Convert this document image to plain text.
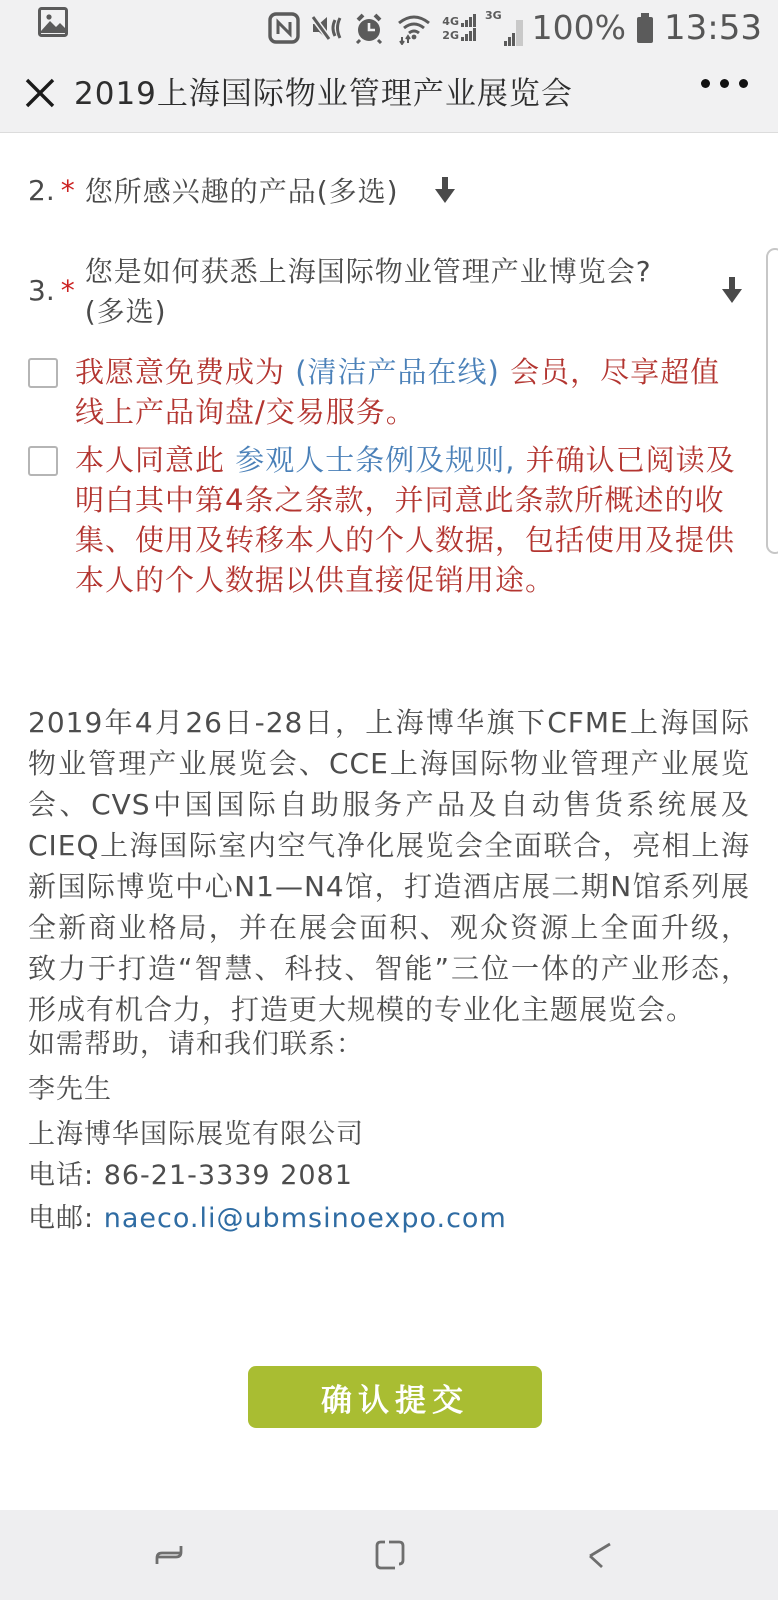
4G
2G
3G 100% 13:53
2019上海国际物业管理产业展览会
2. * 您所感兴趣的产品(多选)
3. *
您是如何获悉上海国际物业管理产业博览会? (多选)
我愿意免费成为 (清洁产品在线) 会员，尽享超值线上产品询盘/交易服务。
本人同意此 参观人士条例及规则, 并确认已阅读及明白其中第4条之条款，并同意此条款所概述的收集、使用及转移本人的个人数据，包括使用及提供本人的个人数据以供直接促销用途。
2019年4月26日-28日，上海博华旗下CFME上海国际物业管理产业展览会、CCE上海国际物业管理产业展览会、CVS中国国际自助服务产品及自动售货系统展及CIEQ上海国际室内空气净化展览会全面联合，亮相上海新国际博览中心N1—N4馆，打造酒店展二期N馆系列展全新商业格局，并在展会面积、观众资源上全面升级，致力于打造“智慧、科技、智能”三位一体的产业形态，形成有机合力，打造更大规模的专业化主题展览会。
如需帮助，请和我们联系：
李先生
上海博华国际展览有限公司
电话: 86-21-3339 2081
电邮: naeco.li@ubmsinoexpo.com
确认提交
